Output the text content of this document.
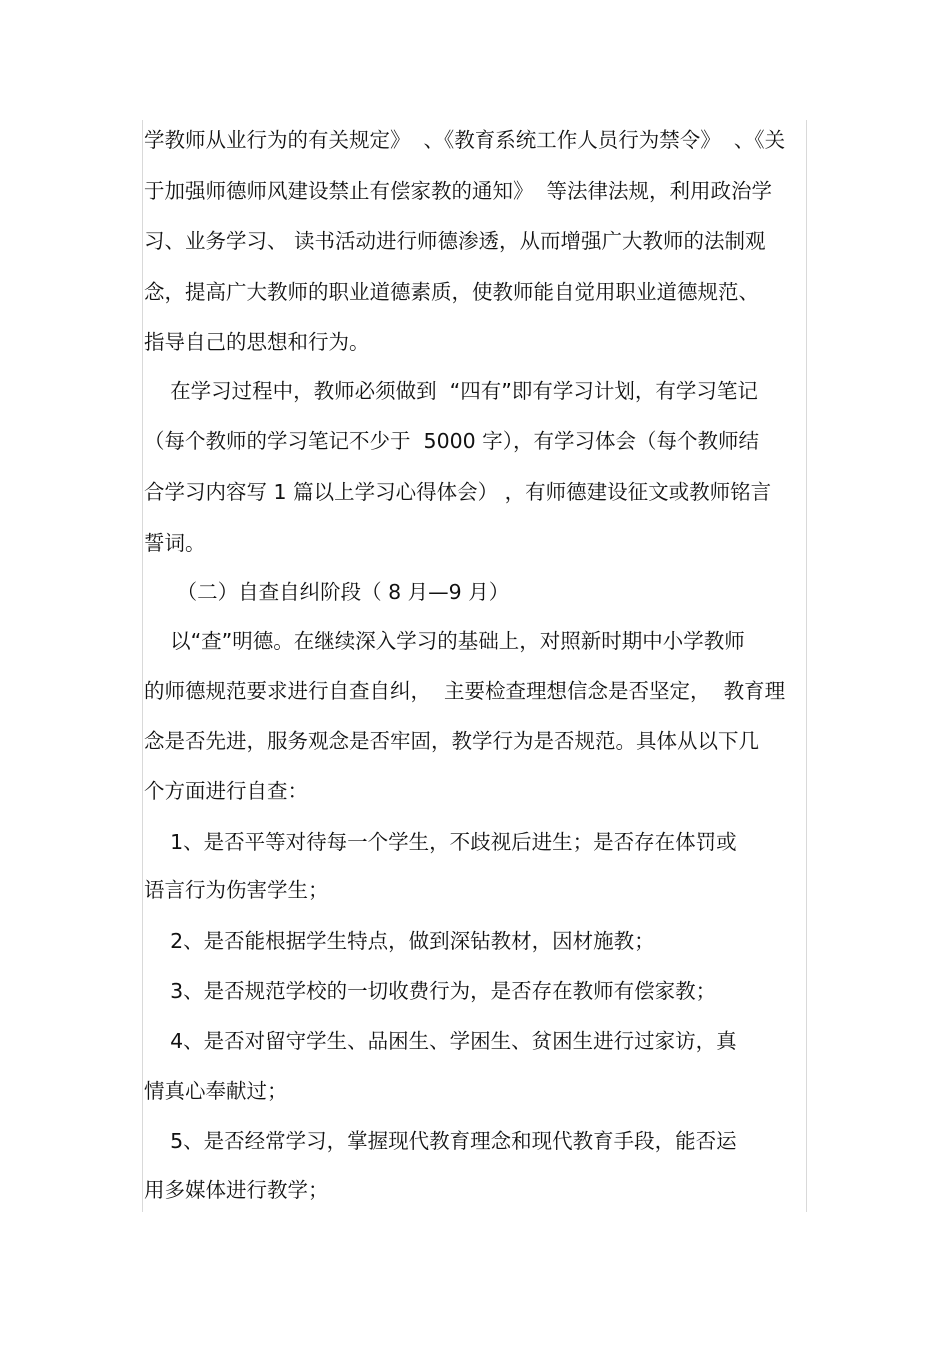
学教师从业行为的有关规定》  、《教育系统工作人员行为禁令》  、《关
于加强师德师风建设禁止有偿家教的通知》  等法律法规，利用政治学
习、业务学习、 读书活动进行师德渗透，从而增强广大教师的法制观
念，提高广大教师的职业道德素质，使教师能自觉用职业道德规范、
指导自己的思想和行为。
在学习过程中，教师必须做到  “四有”即有学习计划，有学习笔记
（每个教师的学习笔记不少于  5000 字），有学习体会（每个教师结
合学习内容写 1 篇以上学习心得体会） ，有师德建设征文或教师铭言
誓词。
（二）自查自纠阶段（ 8 月—9 月）
以“查”明德。在继续深入学习的基础上，对照新时期中小学教师
的师德规范要求进行自查自纠，  主要检查理想信念是否坚定，  教育理
念是否先进，服务观念是否牢固，教学行为是否规范。具体从以下几
个方面进行自查：
1、是否平等对待每一个学生，不歧视后进生；是否存在体罚或
语言行为伤害学生；
2、是否能根据学生特点，做到深钻教材，因材施教；
3、是否规范学校的一切收费行为，是否存在教师有偿家教；
4、是否对留守学生、品困生、学困生、贫困生进行过家访，真
情真心奉献过；
5、是否经常学习，掌握现代教育理念和现代教育手段，能否运
用多媒体进行教学；
